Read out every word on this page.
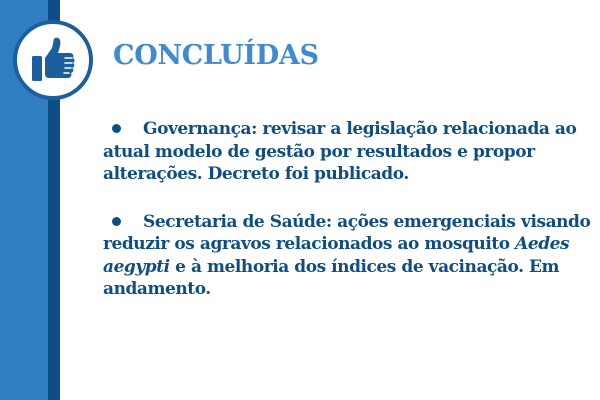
CONCLUÍDAS
Governança: revisar a legislação relacionada ao atual modelo de gestão por resultados e propor alterações. Decreto foi publicado.
Secretaria de Saúde: ações emergenciais visando reduzir os agravos relacionados ao mosquito Aedes aegypti e à melhoria dos índices de vacinação. Em andamento.
